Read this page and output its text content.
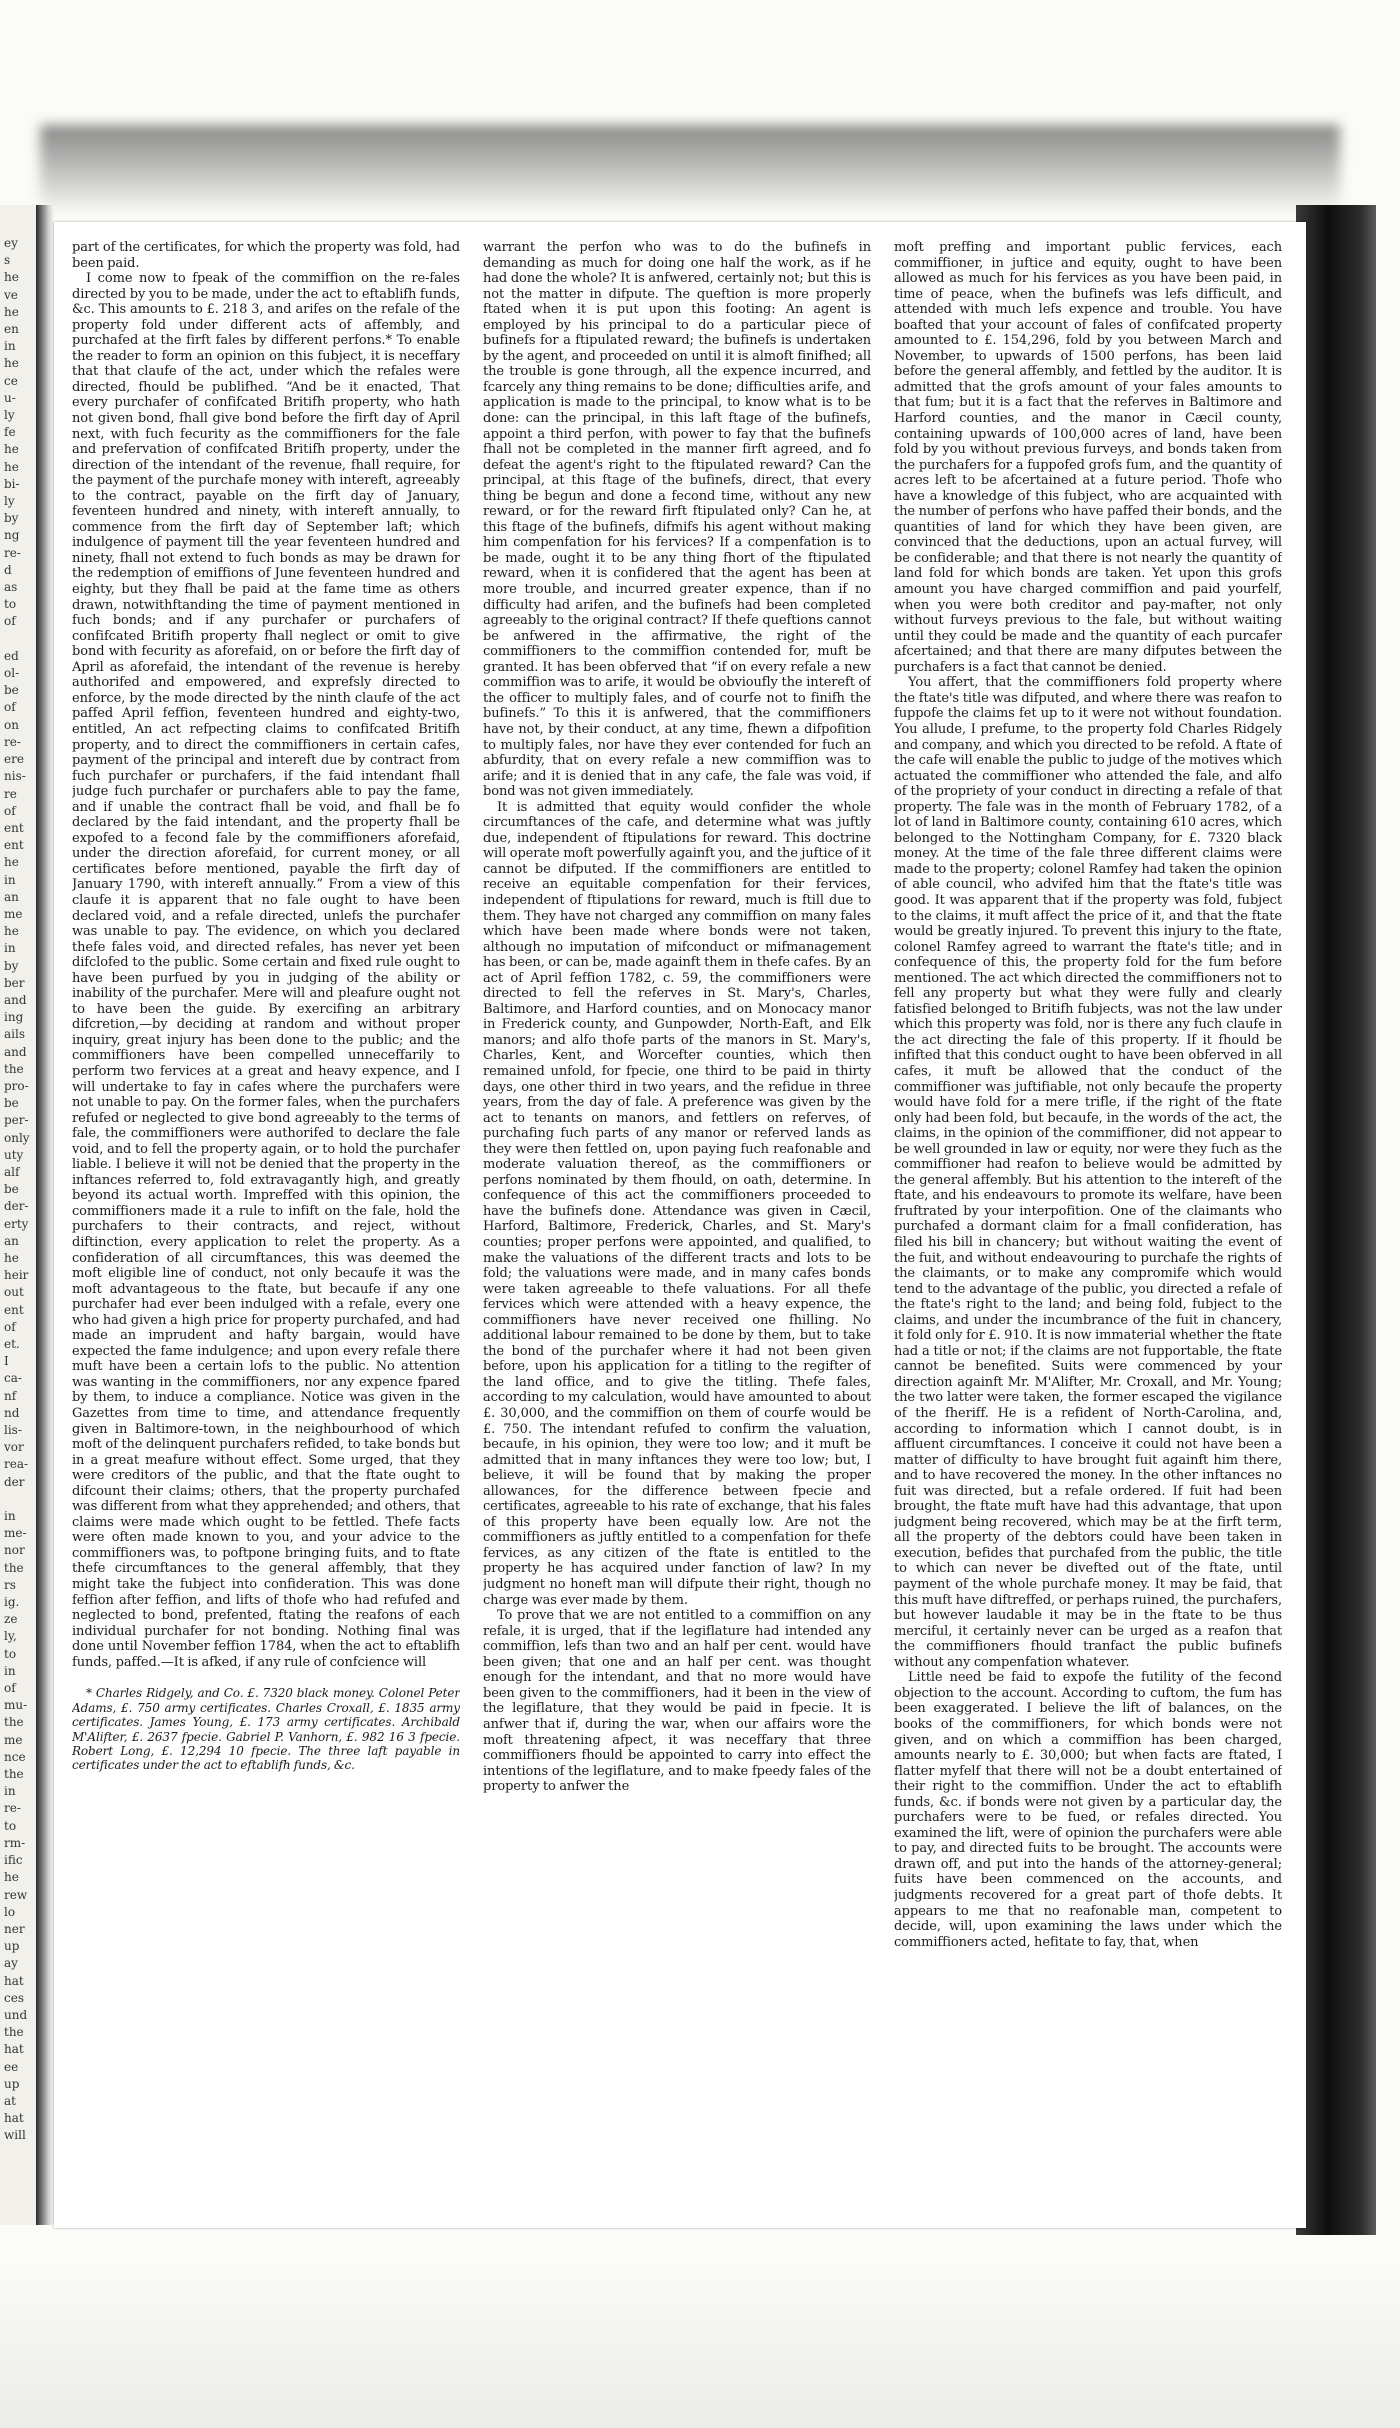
ey
s
he
ve
he
en
in
he
ce
u-
ly
fe
he
he
bi-
ly
by
ng
re-
d
as
to
of

ed
ol-
be
of
on
re-
ere
nis-
re
of
ent
ent
he
in
an
me
he
in
by
ber
and
ing
ails
and
the
pro-
be
per-
only
uty
alf
be
der-
erty
an
he
heir
out
ent
of
et.
I
ca-
nf
nd
lis-
vor
rea-
der

in
me-
nor
the
rs
ig.
ze
ly,
to
in
of
mu-
the
me
nce
the
in
re-
to
rm-
ific
he
rew
lo
ner
up
ay
hat
ces
und
the
hat
ee
up
at
hat
will

part of the certificates, for which the property was fold, had been paid.

I come now to fpeak of the commiffion on the re-fales directed by you to be made, under the act to eftablifh funds, &c. This amounts to £. 218 3, and arifes on the refale of the property fold under different acts of affembly, and purchafed at the firft fales by different perfons.* To enable the reader to form an opinion on this fubject, it is neceffary that that claufe of the act, under which the refales were directed, fhould be publifhed. “And be it enacted, That every purchafer of confifcated Britifh property, who hath not given bond, fhall give bond before the firft day of April next, with fuch fecurity as the commiffioners for the fale and prefervation of confifcated Britifh property, under the direction of the intendant of the revenue, fhall require, for the payment of the purchafe money with intereft, agreeably to the contract, payable on the firft day of January, feventeen hundred and ninety, with intereft annually, to commence from the firft day of September laft; which indulgence of payment till the year feventeen hundred and ninety, fhall not extend to fuch bonds as may be drawn for the redemption of emiffions of June feventeen hundred and eighty, but they fhall be paid at the fame time as others drawn, notwithftanding the time of payment mentioned in fuch bonds; and if any purchafer or purchafers of confifcated Britifh property fhall neglect or omit to give bond with fecurity as aforefaid, on or before the firft day of April as aforefaid, the intendant of the revenue is hereby authorifed and empowered, and exprefsly directed to enforce, by the mode directed by the ninth claufe of the act paffed April feffion, feventeen hundred and eighty-two, entitled, An act refpecting claims to confifcated Britifh property, and to direct the commiffioners in certain cafes, payment of the principal and intereft due by contract from fuch purchafer or purchafers, if the faid intendant fhall judge fuch purchafer or purchafers able to pay the fame, and if unable the contract fhall be void, and fhall be fo declared by the faid intendant, and the property fhall be expofed to a fecond fale by the commiffioners aforefaid, under the direction aforefaid, for current money, or all certificates before mentioned, payable the firft day of January 1790, with intereft annually.” From a view of this claufe it is apparent that no fale ought to have been declared void, and a refale directed, unlefs the purchafer was unable to pay. The evidence, on which you declared thefe fales void, and directed refales, has never yet been difclofed to the public. Some certain and fixed rule ought to have been purfued by you in judging of the ability or inability of the purchafer. Mere will and pleafure ought not to have been the guide. By exercifing an arbitrary difcretion,—by deciding at random and without proper inquiry, great injury has been done to the public; and the commiffioners have been compelled unneceffarily to perform two fervices at a great and heavy expence, and I will undertake to fay in cafes where the purchafers were not unable to pay. On the former fales, when the purchafers refufed or neglected to give bond agreeably to the terms of fale, the commiffioners were authorifed to declare the fale void, and to fell the property again, or to hold the purchafer liable. I believe it will not be denied that the property in the inftances referred to, fold extravagantly high, and greatly beyond its actual worth. Impreffed with this opinion, the commiffioners made it a rule to infift on the fale, hold the purchafers to their contracts, and reject, without diftinction, every application to relet the property. As a confideration of all circumftances, this was deemed the moft eligible line of conduct, not only becaufe it was the moft advantageous to the ftate, but becaufe if any one purchafer had ever been indulged with a refale, every one who had given a high price for property purchafed, and had made an imprudent and hafty bargain, would have expected the fame indulgence; and upon every refale there muft have been a certain lofs to the public. No attention was wanting in the commiffioners, nor any expence fpared by them, to induce a compliance. Notice was given in the Gazettes from time to time, and attendance frequently given in Baltimore-town, in the neighbourhood of which moft of the delinquent purchafers refided, to take bonds but in a great meafure without effect. Some urged, that they were creditors of the public, and that the ftate ought to difcount their claims; others, that the property purchafed was different from what they apprehended; and others, that claims were made which ought to be fettled. Thefe facts were often made known to you, and your advice to the commiffioners was, to poftpone bringing fuits, and to ftate thefe circumftances to the general affembly, that they might take the fubject into confideration. This was done feffion after feffion, and lifts of thofe who had refufed and neglected to bond, prefented, ftating the reafons of each individual purchafer for not bonding. Nothing final was done until November feffion 1784, when the act to eftablifh funds, paffed.—It is afked, if any rule of confcience will

* Charles Ridgely, and Co. £. 7320 black money. Colonel Peter Adams, £. 750 army certificates. Charles Croxall, £. 1835 army certificates. James Young, £. 173 army certificates. Archibald M'Alifter, £. 2637 fpecie. Gabriel P. Vanhorn, £. 982 16 3 fpecie. Robert Long, £. 12,294 10 fpecie. The three laft payable in certificates under the act to eftablifh funds, &c.

warrant the perfon who was to do the bufinefs in demanding as much for doing one half the work, as if he had done the whole? It is anfwered, certainly not; but this is not the matter in difpute. The queftion is more properly ftated when it is put upon this footing: An agent is employed by his principal to do a particular piece of bufinefs for a ftipulated reward; the bufinefs is undertaken by the agent, and proceeded on until it is almoft finifhed; all the trouble is gone through, all the expence incurred, and fcarcely any thing remains to be done; difficulties arife, and application is made to the principal, to know what is to be done: can the principal, in this laft ftage of the bufinefs, appoint a third perfon, with power to fay that the bufinefs fhall not be completed in the manner firft agreed, and fo defeat the agent's right to the ftipulated reward? Can the principal, at this ftage of the bufinefs, direct, that every thing be begun and done a fecond time, without any new reward, or for the reward firft ftipulated only? Can he, at this ftage of the bufinefs, difmifs his agent without making him compenfation for his fervices? If a compenfation is to be made, ought it to be any thing fhort of the ftipulated reward, when it is confidered that the agent has been at more trouble, and incurred greater expence, than if no difficulty had arifen, and the bufinefs had been completed agreeably to the original contract? If thefe queftions cannot be anfwered in the affirmative, the right of the commiffioners to the commiffion contended for, muft be granted. It has been obferved that “if on every refale a new commiffion was to arife, it would be obvioufly the intereft of the officer to multiply fales, and of courfe not to finifh the bufinefs.” To this it is anfwered, that the commiffioners have not, by their conduct, at any time, fhewn a difpofition to multiply fales, nor have they ever contended for fuch an abfurdity, that on every refale a new commiffion was to arife; and it is denied that in any cafe, the fale was void, if bond was not given immediately.

It is admitted that equity would confider the whole circumftances of the cafe, and determine what was juftly due, independent of ftipulations for reward. This doctrine will operate moft powerfully againft you, and the juftice of it cannot be difputed. If the commiffioners are entitled to receive an equitable compenfation for their fervices, independent of ftipulations for reward, much is ftill due to them. They have not charged any commiffion on many fales which have been made where bonds were not taken, although no imputation of mifconduct or mifmanagement has been, or can be, made againft them in thefe cafes. By an act of April feffion 1782, c. 59, the commiffioners were directed to fell the referves in St. Mary's, Charles, Baltimore, and Harford counties, and on Monocacy manor in Frederick county, and Gunpowder, North-Eaft, and Elk manors; and alfo thofe parts of the manors in St. Mary's, Charles, Kent, and Worcefter counties, which then remained unfold, for fpecie, one third to be paid in thirty days, one other third in two years, and the refidue in three years, from the day of fale. A preference was given by the act to tenants on manors, and fettlers on referves, of purchafing fuch parts of any manor or referved lands as they were then fettled on, upon paying fuch reafonable and moderate valuation thereof, as the commiffioners or perfons nominated by them fhould, on oath, determine. In confequence of this act the commiffioners proceeded to have the bufinefs done. Attendance was given in Cæcil, Harford, Baltimore, Frederick, Charles, and St. Mary's counties; proper perfons were appointed, and qualified, to make the valuations of the different tracts and lots to be fold; the valuations were made, and in many cafes bonds were taken agreeable to thefe valuations. For all thefe fervices which were attended with a heavy expence, the commiffioners have never received one fhilling. No additional labour remained to be done by them, but to take the bond of the purchafer where it had not been given before, upon his application for a titling to the regifter of the land office, and to give the titling. Thefe fales, according to my calculation, would have amounted to about £. 30,000, and the commiffion on them of courfe would be £. 750. The intendant refufed to confirm the valuation, becaufe, in his opinion, they were too low; and it muft be admitted that in many inftances they were too low; but, I believe, it will be found that by making the proper allowances, for the difference between fpecie and certificates, agreeable to his rate of exchange, that his fales of this property have been equally low. Are not the commiffioners as juftly entitled to a compenfation for thefe fervices, as any citizen of the ftate is entitled to the property he has acquired under fanction of law? In my judgment no honeft man will difpute their right, though no charge was ever made by them.

To prove that we are not entitled to a commiffion on any refale, it is urged, that if the legiflature had intended any commiffion, lefs than two and an half per cent. would have been given; that one and an half per cent. was thought enough for the intendant, and that no more would have been given to the commiffioners, had it been in the view of the legiflature, that they would be paid in fpecie. It is anfwer that if, during the war, when our affairs wore the moft threatening afpect, it was neceffary that three commiffioners fhould be appointed to carry into effect the intentions of the legiflature, and to make fpeedy fales of the property to anfwer the

moft preffing and important public fervices, each commiffioner, in juftice and equity, ought to have been allowed as much for his fervices as you have been paid, in time of peace, when the bufinefs was lefs difficult, and attended with much lefs expence and trouble. You have boafted that your account of fales of confifcated property amounted to £. 154,296, fold by you between March and November, to upwards of 1500 perfons, has been laid before the general affembly, and fettled by the auditor. It is admitted that the grofs amount of your fales amounts to that fum; but it is a fact that the referves in Baltimore and Harford counties, and the manor in Cæcil county, containing upwards of 100,000 acres of land, have been fold by you without previous furveys, and bonds taken from the purchafers for a fuppofed grofs fum, and the quantity of acres left to be afcertained at a future period. Thofe who have a knowledge of this fubject, who are acquainted with the number of perfons who have paffed their bonds, and the quantities of land for which they have been given, are convinced that the deductions, upon an actual furvey, will be confiderable; and that there is not nearly the quantity of land fold for which bonds are taken. Yet upon this grofs amount you have charged commiffion and paid yourfelf, when you were both creditor and pay-mafter, not only without furveys previous to the fale, but without waiting until they could be made and the quantity of each purcafer afcertained; and that there are many difputes between the purchafers is a fact that cannot be denied.

You affert, that the commiffioners fold property where the ftate's title was difputed, and where there was reafon to fuppofe the claims fet up to it were not without foundation. You allude, I prefume, to the property fold Charles Ridgely and company, and which you directed to be refold. A ftate of the cafe will enable the public to judge of the motives which actuated the commiffioner who attended the fale, and alfo of the propriety of your conduct in directing a refale of that property. The fale was in the month of February 1782, of a lot of land in Baltimore county, containing 610 acres, which belonged to the Nottingham Company, for £. 7320 black money. At the time of the fale three different claims were made to the property; colonel Ramfey had taken the opinion of able council, who advifed him that the ftate's title was good. It was apparent that if the property was fold, fubject to the claims, it muft affect the price of it, and that the ftate would be greatly injured. To prevent this injury to the ftate, colonel Ramfey agreed to warrant the ftate's title; and in confequence of this, the property fold for the fum before mentioned. The act which directed the commiffioners not to fell any property but what they were fully and clearly fatisfied belonged to Britifh fubjects, was not the law under which this property was fold, nor is there any fuch claufe in the act directing the fale of this property. If it fhould be infifted that this conduct ought to have been obferved in all cafes, it muft be allowed that the conduct of the commiffioner was juftifiable, not only becaufe the property would have fold for a mere trifle, if the right of the ftate only had been fold, but becaufe, in the words of the act, the claims, in the opinion of the commiffioner, did not appear to be well grounded in law or equity, nor were they fuch as the commiffioner had reafon to believe would be admitted by the general affembly. But his attention to the intereft of the ftate, and his endeavours to promote its welfare, have been fruftrated by your interpofition. One of the claimants who purchafed a dormant claim for a fmall confideration, has filed his bill in chancery; but without waiting the event of the fuit, and without endeavouring to purchafe the rights of the claimants, or to make any compromife which would tend to the advantage of the public, you directed a refale of the ftate's right to the land; and being fold, fubject to the claims, and under the incumbrance of the fuit in chancery, it fold only for £. 910. It is now immaterial whether the ftate had a title or not; if the claims are not fupportable, the ftate cannot be benefited. Suits were commenced by your direction againft Mr. M'Alifter, Mr. Croxall, and Mr. Young; the two latter were taken, the former escaped the vigilance of the fheriff. He is a refident of North-Carolina, and, according to information which I cannot doubt, is in affluent circumftances. I conceive it could not have been a matter of difficulty to have brought fuit againft him there, and to have recovered the money. In the other inftances no fuit was directed, but a refale ordered. If fuit had been brought, the ftate muft have had this advantage, that upon judgment being recovered, which may be at the firft term, all the property of the debtors could have been taken in execution, befides that purchafed from the public, the title to which can never be divefted out of the ftate, until payment of the whole purchafe money. It may be faid, that this muft have diftreffed, or perhaps ruined, the purchafers, but however laudable it may be in the ftate to be thus merciful, it certainly never can be urged as a reafon that the commiffioners fhould tranfact the public bufinefs without any compenfation whatever.

Little need be faid to expofe the futility of the fecond objection to the account. According to cuftom, the fum has been exaggerated. I believe the lift of balances, on the books of the commiffioners, for which bonds were not given, and on which a commiffion has been charged, amounts nearly to £. 30,000; but when facts are ftated, I flatter myfelf that there will not be a doubt entertained of their right to the commiffion. Under the act to eftablifh funds, &c. if bonds were not given by a particular day, the purchafers were to be fued, or refales directed. You examined the lift, were of opinion the purchafers were able to pay, and directed fuits to be brought. The accounts were drawn off, and put into the hands of the attorney-general; fuits have been commenced on the accounts, and judgments recovered for a great part of thofe debts. It appears to me that no reafonable man, competent to decide, will, upon examining the laws under which the commiffioners acted, hefitate to fay, that, when
